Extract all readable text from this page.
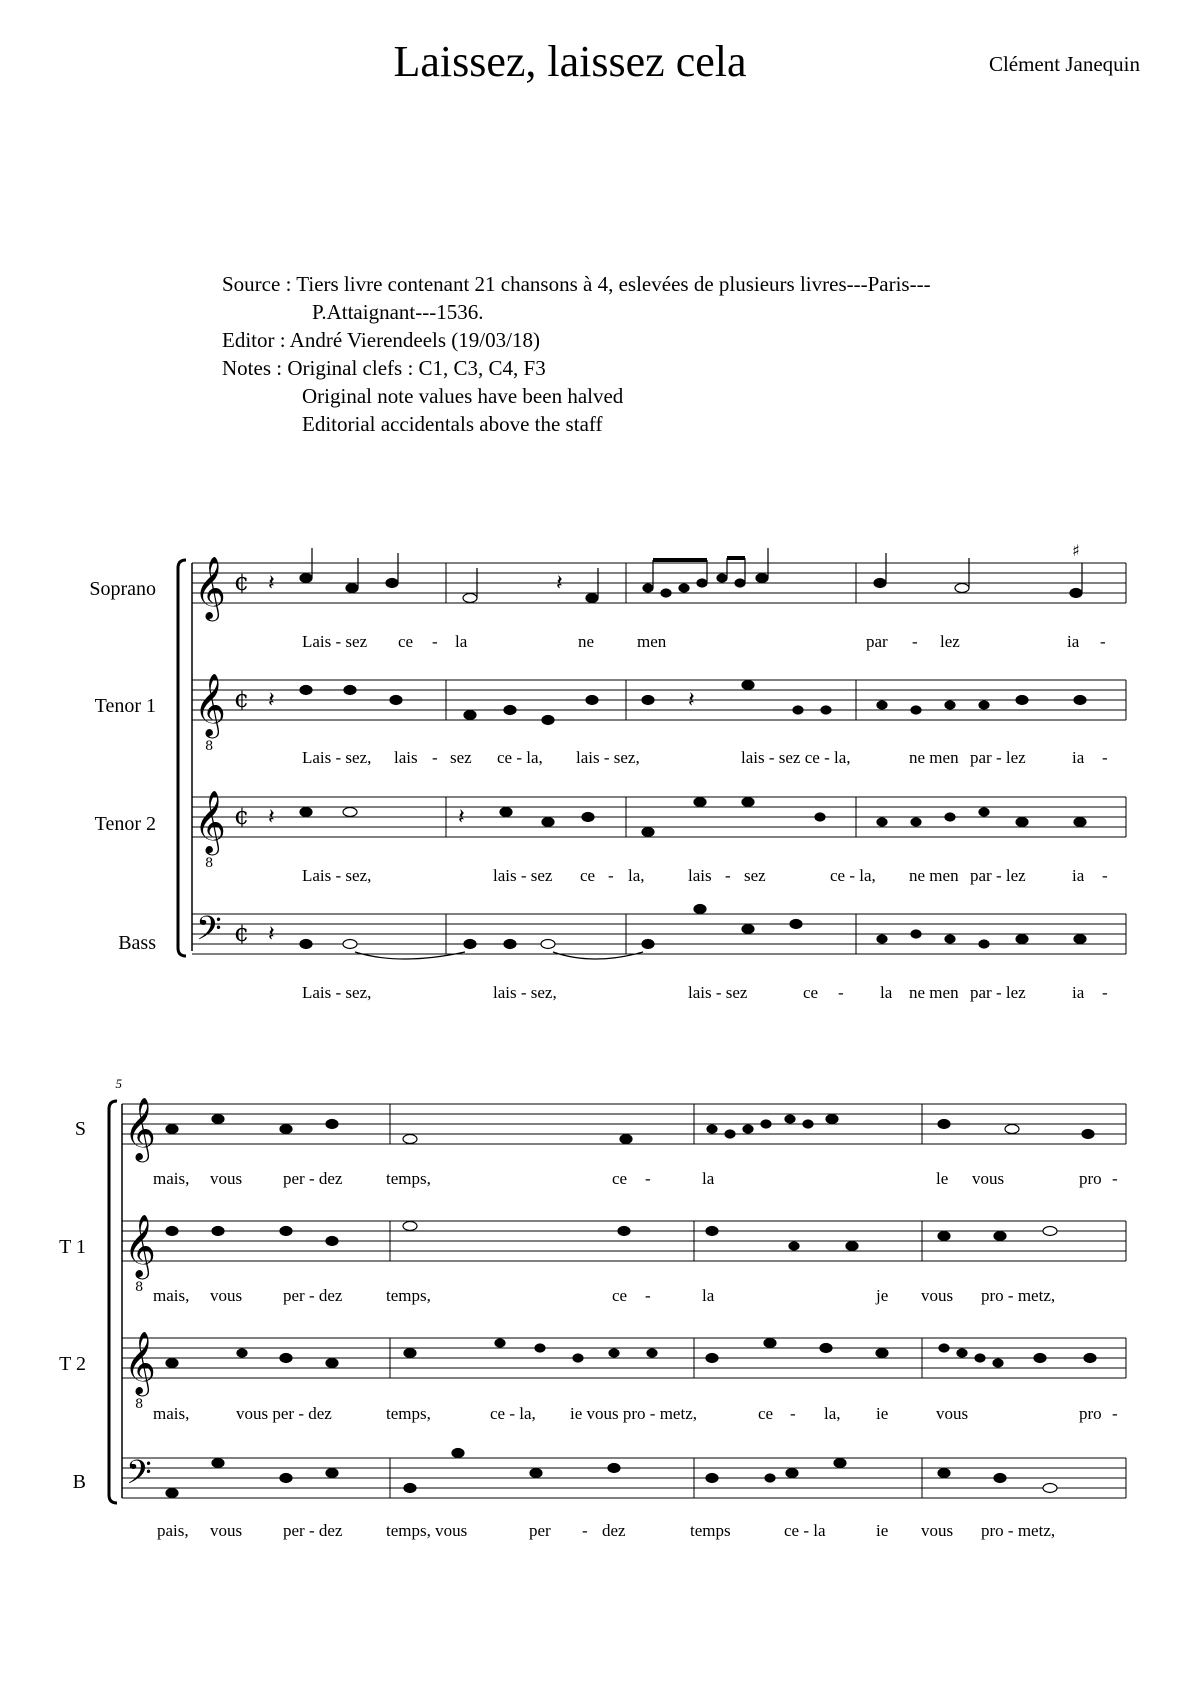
Laissez, laissez cela	Clément Janequin
Source : Tiers livre contenant 21 chansons à 4, eslevées de plusieurs livres---Paris---
P.Attaignant---1536.
Editor : André Vierendeels (19/03/18)
Notes : Original clefs : C1, C3, C4, F3
Original note values have been halved
Editorial accidentals above the staff
Soprano
Tenor 1
Tenor 2
Bass
S
T 1
T 2
B
5
Lais - sez ce - la	ne	men	par - lez	ia -
Lais - sez, lais - sez ce - la, lais - sez,	lais - sez ce - la,	ne men par - lez	ia -
Lais - sez,	lais - sez ce - la,	lais - sez	ce - la, ne men par - lez	ia -
Lais - sez,	lais - sez,	lais - sez	ce - la ne men par - lez	ia -
mais, vous per - dez	temps,	ce -	la	le vous	pro -
mais, vous per - dez	temps,	ce -	la	je vous pro - metz,
mais,	vous per - dez	temps,	ce - la, ie vous pro - metz,	ce - la, ie	vous	pro -
pais, vous per - dez	temps, vous	per - dez	temps	ce - la	ie vous pro - metz,
𝄞
𝄞
𝄞
𝄢
8
8
¢
¢
¢
¢
♯
𝄽	𝄽
𝄽	𝄽
𝄽	𝄽
𝄽
𝄞
𝄞
𝄞
𝄢
8
8
